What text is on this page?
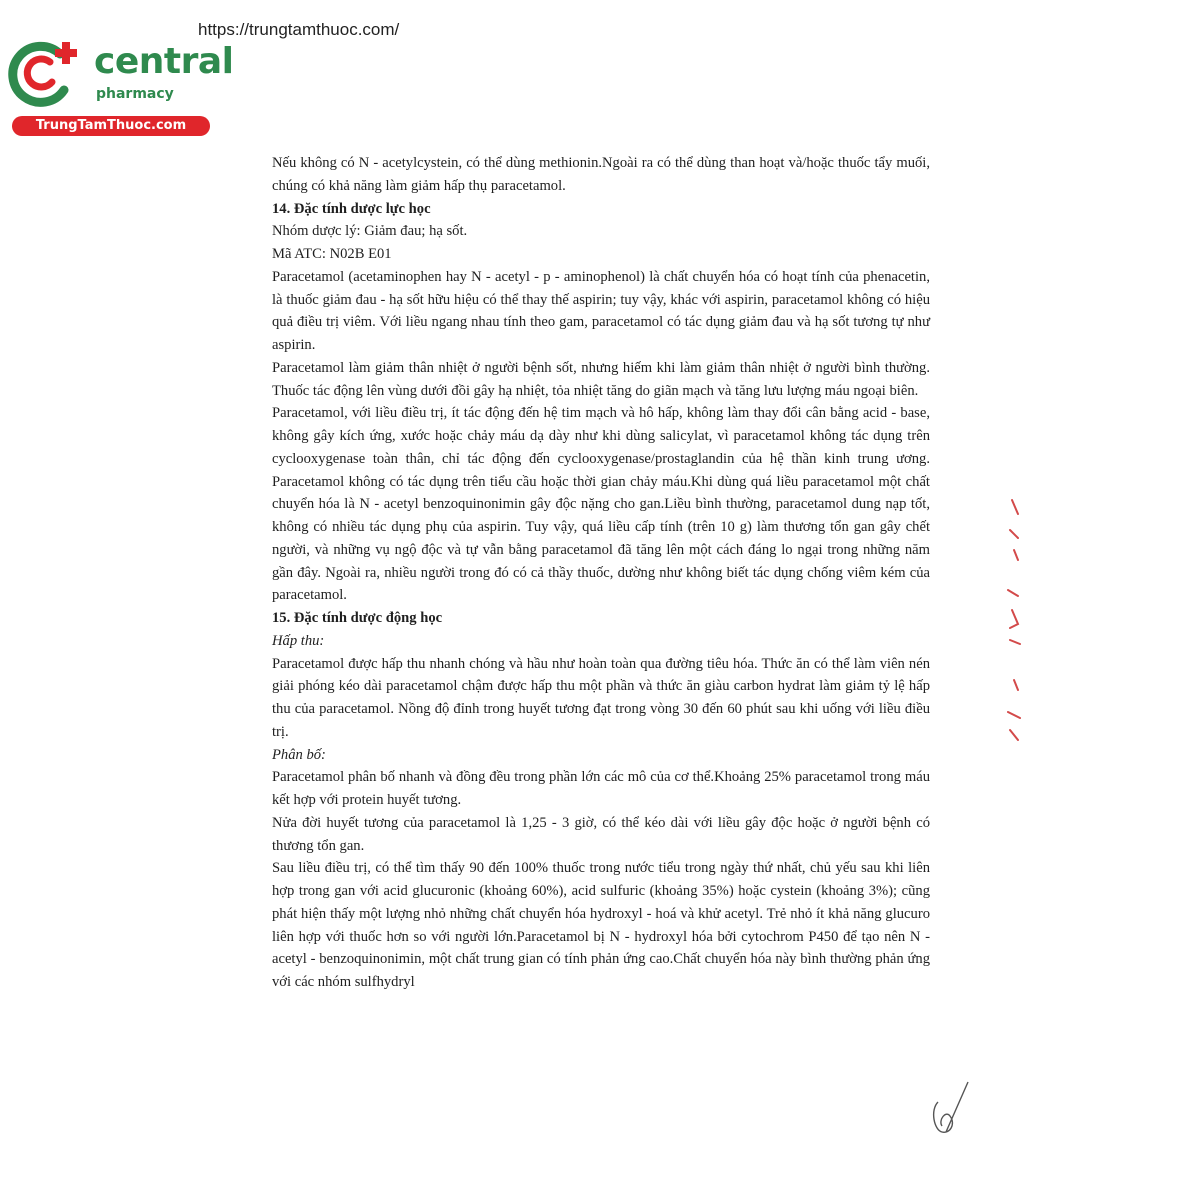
https://trungtamthuoc.com/
central
pharmacy
TrungTamThuoc.com

Nếu không có N - acetylcystein, có thể dùng methionin.Ngoài ra có thể dùng than hoạt và/hoặc thuốc tẩy muối, chúng có khả năng làm giảm hấp thụ paracetamol.

14. Đặc tính dược lực học

Nhóm dược lý: Giảm đau; hạ sốt.

Mã ATC: N02B E01

Paracetamol (acetaminophen hay N - acetyl - p - aminophenol) là chất chuyển hóa có hoạt tính của phenacetin, là thuốc giảm đau - hạ sốt hữu hiệu có thể thay thế aspirin; tuy vậy, khác với aspirin, paracetamol không có hiệu quả điều trị viêm. Với liều ngang nhau tính theo gam, paracetamol có tác dụng giảm đau và hạ sốt tương tự như aspirin.

Paracetamol làm giảm thân nhiệt ở người bệnh sốt, nhưng hiếm khi làm giảm thân nhiệt ở người bình thường. Thuốc tác động lên vùng dưới đồi gây hạ nhiệt, tỏa nhiệt tăng do giãn mạch và tăng lưu lượng máu ngoại biên.

Paracetamol, với liều điều trị, ít tác động đến hệ tim mạch và hô hấp, không làm thay đổi cân bằng acid - base, không gây kích ứng, xước hoặc chảy máu dạ dày như khi dùng salicylat, vì paracetamol không tác dụng trên cyclooxygenase toàn thân, chỉ tác động đến cyclooxygenase/prostaglandin của hệ thần kinh trung ương. Paracetamol không có tác dụng trên tiểu cầu hoặc thời gian chảy máu.Khi dùng quá liều paracetamol một chất chuyển hóa là N - acetyl benzoquinonimin gây độc nặng cho gan.Liều bình thường, paracetamol dung nạp tốt, không có nhiều tác dụng phụ của aspirin. Tuy vậy, quá liều cấp tính (trên 10 g) làm thương tổn gan gây chết người, và những vụ ngộ độc và tự vẫn bằng paracetamol đã tăng lên một cách đáng lo ngại trong những năm gần đây. Ngoài ra, nhiều người trong đó có cả thầy thuốc, dường như không biết tác dụng chống viêm kém của paracetamol.

15. Đặc tính dược động học

Hấp thu:

Paracetamol được hấp thu nhanh chóng và hầu như hoàn toàn qua đường tiêu hóa. Thức ăn có thể làm viên nén giải phóng kéo dài paracetamol chậm được hấp thu một phần và thức ăn giàu carbon hydrat làm giảm tỷ lệ hấp thu của paracetamol. Nồng độ đỉnh trong huyết tương đạt trong vòng 30 đến 60 phút sau khi uống với liều điều trị.

Phân bố:

Paracetamol phân bố nhanh và đồng đều trong phần lớn các mô của cơ thể.Khoảng 25% paracetamol trong máu kết hợp với protein huyết tương.

Nửa đời huyết tương của paracetamol là 1,25 - 3 giờ, có thể kéo dài với liều gây độc hoặc ở người bệnh có thương tổn gan.

Sau liều điều trị, có thể tìm thấy 90 đến 100% thuốc trong nước tiểu trong ngày thứ nhất, chủ yếu sau khi liên hợp trong gan với acid glucuronic (khoảng 60%), acid sulfuric (khoảng 35%) hoặc cystein (khoảng 3%); cũng phát hiện thấy một lượng nhỏ những chất chuyển hóa hydroxyl - hoá và khử acetyl. Trẻ nhỏ ít khả năng glucuro liên hợp với thuốc hơn so với người lớn.Paracetamol bị N - hydroxyl hóa bởi cytochrom P450 để tạo nên N - acetyl - benzoquinonimin, một chất trung gian có tính phản ứng cao.Chất chuyển hóa này bình thường phản ứng với các nhóm sulfhydryl
